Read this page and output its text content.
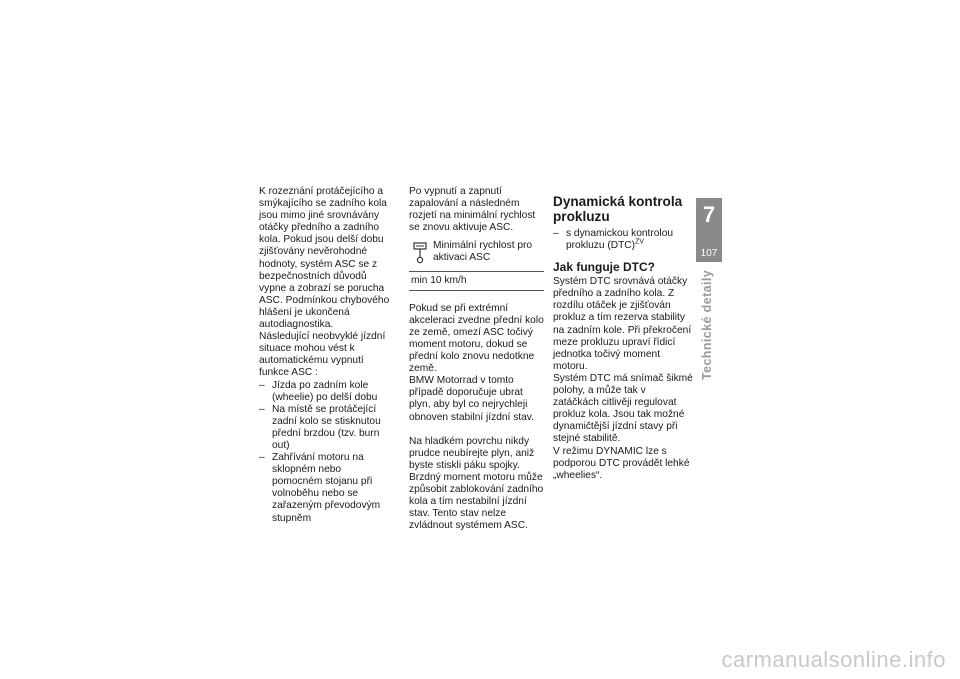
K rozeznání protáčejícího a smýkajícího se zadního kola jsou mimo jiné srovnávány otáčky předního a zadního kola. Pokud jsou delší dobu zjišťovány nevěrohodné hodnoty, systém ASC se z bezpečnostních důvodů vypne a zobrazí se porucha ASC. Podmínkou chybového hlášení je ukončená autodiagnostika.

Následující neobvyklé jízdní situace mohou vést k automatickému vypnutí funkce ASC :

– Jízda po zadním kole (wheelie) po delší dobu

– Na místě se protáčející zadní kolo se stisknutou přední brzdou (tzv. burn out)

– Zahřívání motoru na sklopném nebo pomocném stojanu při volnoběhu nebo se zařazeným převodovým stupněm

Po vypnutí a zapnutí zapalování a následném rozjetí na minimální rychlost se znovu aktivuje ASC.

Minimální rychlost pro aktivaci ASC
min 10 km/h

Pokud se při extrémní akceleraci zvedne přední kolo ze země, omezí ASC točivý moment motoru, dokud se přední kolo znovu nedotkne země.

BMW Motorrad v tomto případě doporučuje ubrat plyn, aby byl co nejrychleji obnoven stabilní jízdní stav.

Na hladkém povrchu nikdy prudce neubírejte plyn, aniž byste stiskli páku spojky. Brzdný moment motoru může způsobit zablokování zadního kola a tím nestabilní jízdní stav. Tento stav nelze zvládnout systémem ASC.

Dynamická kontrola prokluzu

– s dynamickou kontrolou prokluzu (DTC)$^{ZV}$

Jak funguje DTC?

Systém DTC srovnává otáčky předního a zadního kola. Z rozdílu otáček je zjišťován prokluz a tím rezerva stability na zadním kole. Při překročení meze prokluzu upraví řídicí jednotka točivý moment motoru.

Systém DTC má snímač šikmé polohy, a může tak v zatáčkách citlivěji regulovat prokluz kola. Jsou tak možné dynamičtější jízdní stavy při stejné stabilitě.

V režimu DYNAMIC lze s podporou DTC provádět lehké „wheelies“.

7
107
Technické detaily
carmanualsonline.info
